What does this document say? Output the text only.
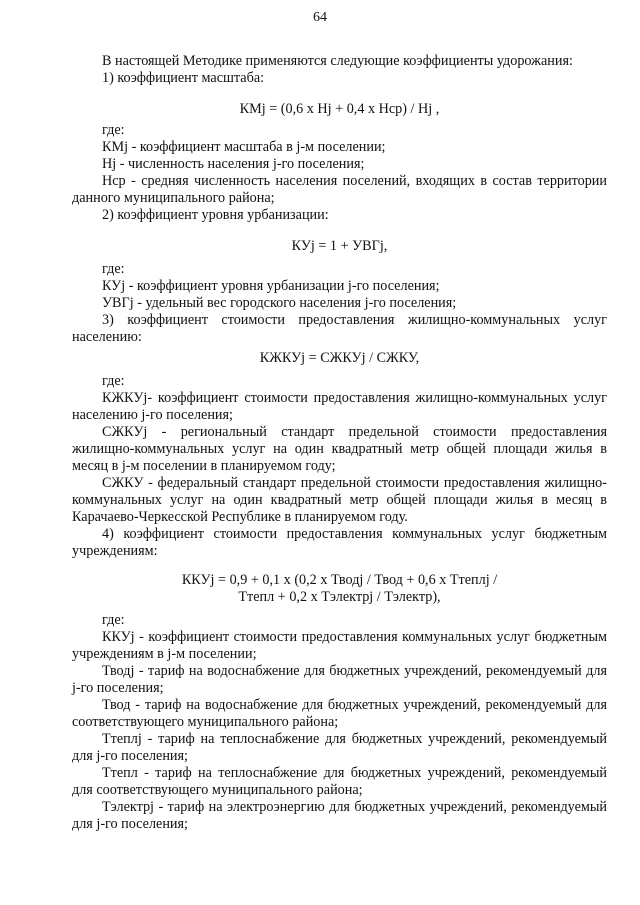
64

В настоящей Методике применяются следующие коэффициенты удорожания:

1) коэффициент масштаба:

КМj = (0,6 х Нj + 0,4 х Нср) / Нj ,

где:

КМj - коэффициент масштаба в j-м поселении;

Нj - численность населения j-го поселения;

Нср - средняя численность населения поселений, входящих в состав территории данного муниципального района;

2) коэффициент уровня урбанизации:

КУj = 1 + УВГj,

где:

КУj - коэффициент уровня урбанизации j-го поселения;

УВГj - удельный вес городского населения j-го поселения;

3) коэффициент стоимости предоставления жилищно-коммунальных услуг населению:

КЖКУj = СЖКУj / СЖКУ,

где:

КЖКУj- коэффициент стоимости предоставления жилищно-коммунальных услуг населению j-го поселения;

СЖКУj - региональный стандарт предельной стоимости предоставления жилищно-коммунальных услуг на один квадратный метр общей площади жилья в месяц в j-м поселении в планируемом году;

СЖКУ - федеральный стандарт предельной стоимости предоставления жилищно-коммунальных услуг на один квадратный метр общей площади жилья в месяц в Карачаево-Черкесской Республике в планируемом году.

4) коэффициент стоимости предоставления коммунальных услуг бюджетным учреждениям:

ККУj = 0,9 + 0,1 х (0,2 х Тводj / Твод + 0,6 х Ттеплj /

Ттепл + 0,2 х Тэлектрj / Тэлектр),

где:

ККУj - коэффициент стоимости предоставления коммунальных услуг бюджетным учреждениям в j-м поселении;

Тводj - тариф на водоснабжение для бюджетных учреждений, рекомендуемый для j-го поселения;

Твод - тариф на водоснабжение для бюджетных учреждений, рекомендуемый для соответствующего муниципального района;

Ттеплj - тариф на теплоснабжение для бюджетных учреждений, рекомендуемый для j-го поселения;

Ттепл - тариф на теплоснабжение для бюджетных учреждений, рекомендуемый для соответствующего муниципального района;

Тэлектрj - тариф на электроэнергию для бюджетных учреждений, рекомендуемый для j-го поселения;
